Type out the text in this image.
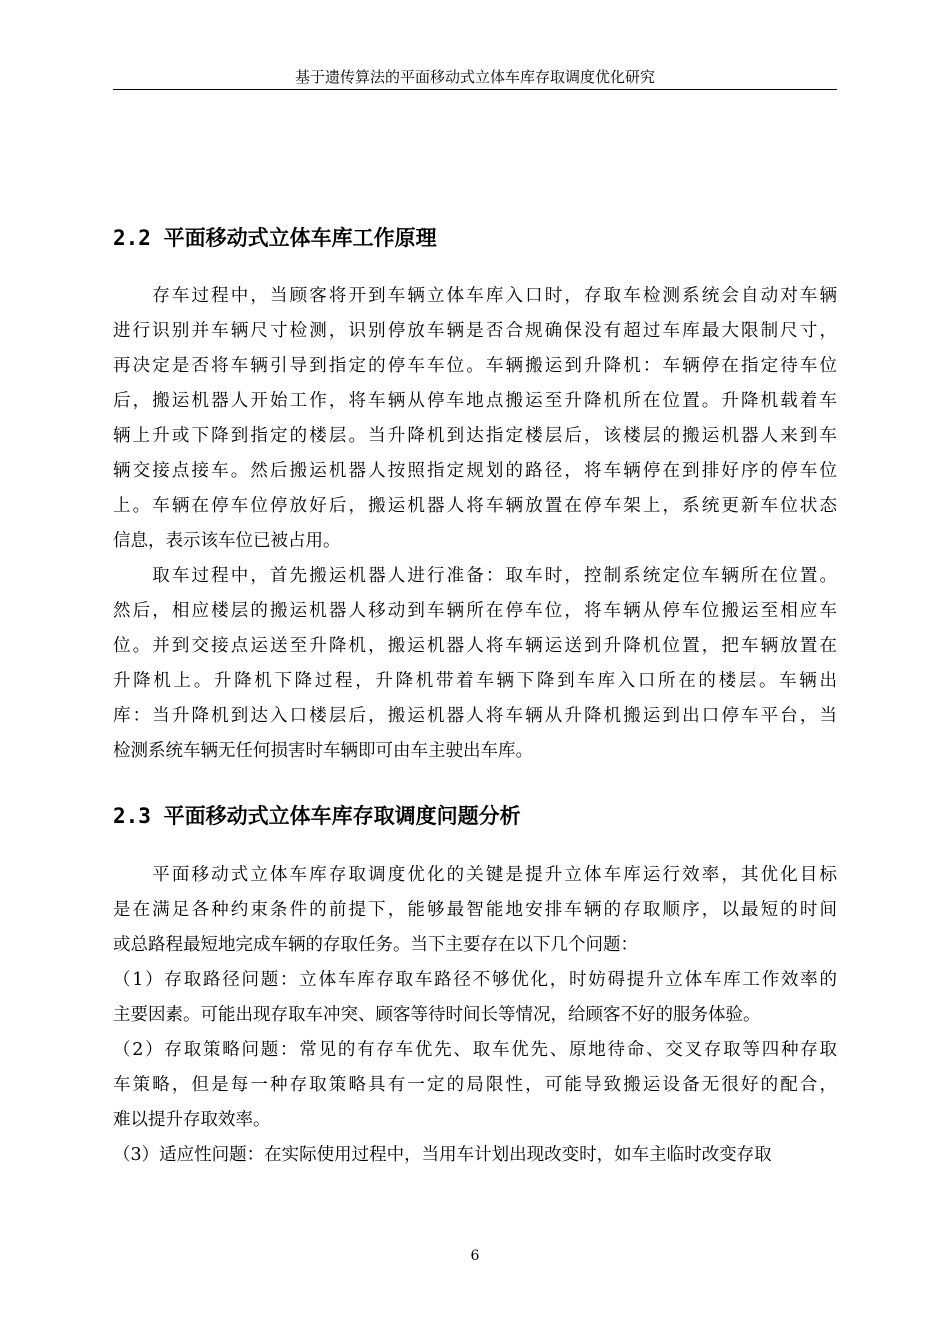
基于遗传算法的平面移动式立体车库存取调度优化研究
2.2 平面移动式立体车库工作原理
　　存车过程中，当顾客将开到车辆立体车库入口时，存取车检测系统会自动对车辆
进行识别并车辆尺寸检测，识别停放车辆是否合规确保没有超过车库最大限制尺寸，
再决定是否将车辆引导到指定的停车车位。车辆搬运到升降机：车辆停在指定待车位
后，搬运机器人开始工作，将车辆从停车地点搬运至升降机所在位置。升降机载着车
辆上升或下降到指定的楼层。当升降机到达指定楼层后，该楼层的搬运机器人来到车
辆交接点接车。然后搬运机器人按照指定规划的路径，将车辆停在到排好序的停车位
上。车辆在停车位停放好后，搬运机器人将车辆放置在停车架上，系统更新车位状态
信息，表示该车位已被占用。
　　取车过程中，首先搬运机器人进行准备：取车时，控制系统定位车辆所在位置。
然后，相应楼层的搬运机器人移动到车辆所在停车位，将车辆从停车位搬运至相应车
位。并到交接点运送至升降机，搬运机器人将车辆运送到升降机位置，把车辆放置在
升降机上。升降机下降过程，升降机带着车辆下降到车库入口所在的楼层。车辆出
库：当升降机到达入口楼层后，搬运机器人将车辆从升降机搬运到出口停车平台，当
检测系统车辆无任何损害时车辆即可由车主驶出车库。
2.3 平面移动式立体车库存取调度问题分析
　　平面移动式立体车库存取调度优化的关键是提升立体车库运行效率，其优化目标
是在满足各种约束条件的前提下，能够最智能地安排车辆的存取顺序，以最短的时间
或总路程最短地完成车辆的存取任务。当下主要存在以下几个问题：
（1）存取路径问题：立体车库存取车路径不够优化，时妨碍提升立体车库工作效率的
主要因素。可能出现存取车冲突、顾客等待时间长等情况，给顾客不好的服务体验。
（2）存取策略问题：常见的有存车优先、取车优先、原地待命、交叉存取等四种存取
车策略，但是每一种存取策略具有一定的局限性，可能导致搬运设备无很好的配合，
难以提升存取效率。
（3）适应性问题：在实际使用过程中，当用车计划出现改变时，如车主临时改变存取
6
